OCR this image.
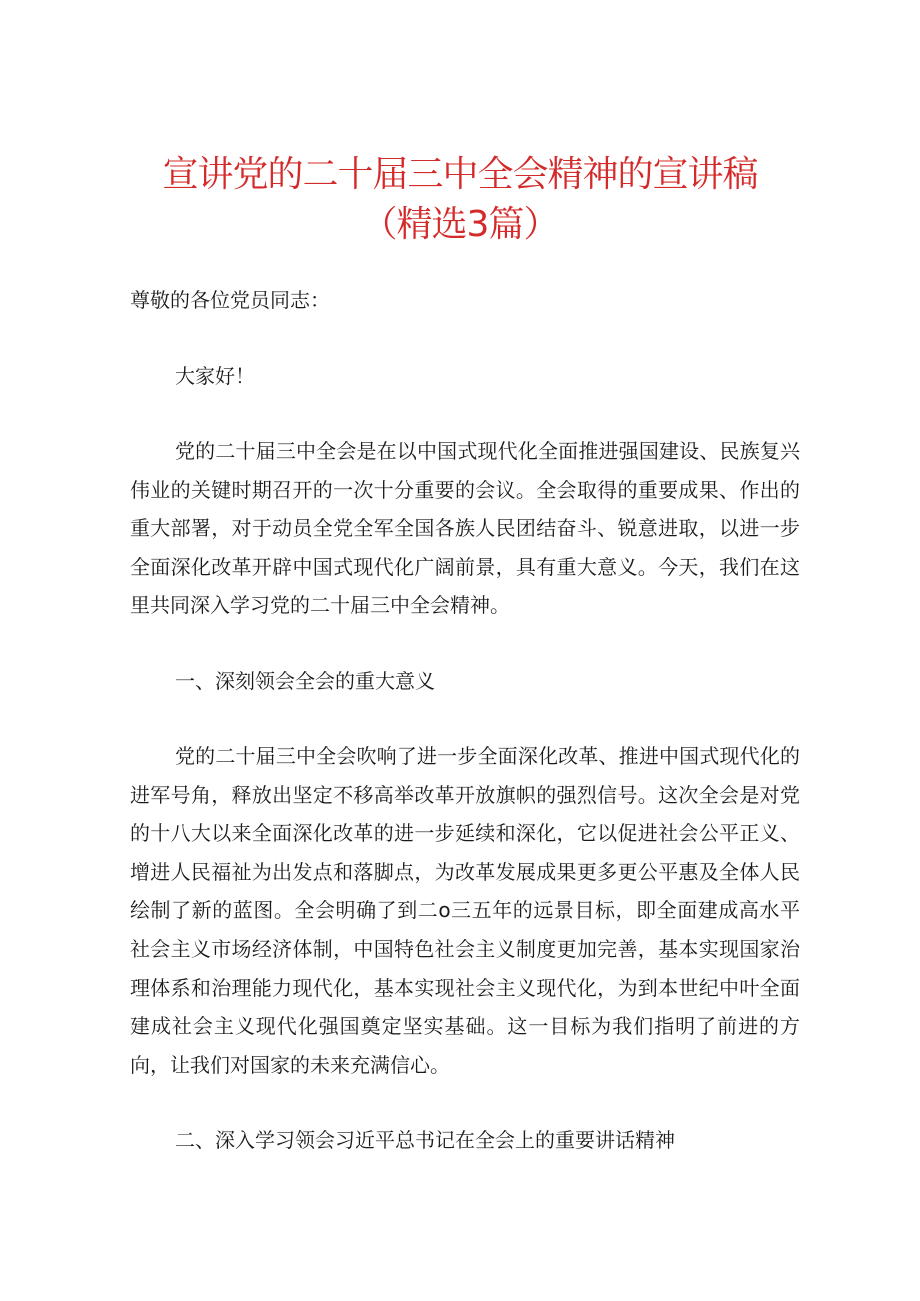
宣讲党的二十届三中全会精神的宣讲稿
（精选3篇）

尊敬的各位党员同志：

大家好！

党的二十届三中全会是在以中国式现代化全面推进强国建设、民族复兴伟业的关键时期召开的一次十分重要的会议。全会取得的重要成果、作出的重大部署，对于动员全党全军全国各族人民团结奋斗、锐意进取，以进一步全面深化改革开辟中国式现代化广阔前景，具有重大意义。今天，我们在这里共同深入学习党的二十届三中全会精神。

一、深刻领会全会的重大意义

党的二十届三中全会吹响了进一步全面深化改革、推进中国式现代化的进军号角，释放出坚定不移高举改革开放旗帜的强烈信号。这次全会是对党的十八大以来全面深化改革的进一步延续和深化，它以促进社会公平正义、增进人民福祉为出发点和落脚点，为改革发展成果更多更公平惠及全体人民绘制了新的蓝图。全会明确了到二o三五年的远景目标，即全面建成高水平社会主义市场经济体制，中国特色社会主义制度更加完善，基本实现国家治理体系和治理能力现代化，基本实现社会主义现代化，为到本世纪中叶全面建成社会主义现代化强国奠定坚实基础。这一目标为我们指明了前进的方向，让我们对国家的未来充满信心。

二、深入学习领会习近平总书记在全会上的重要讲话精神
